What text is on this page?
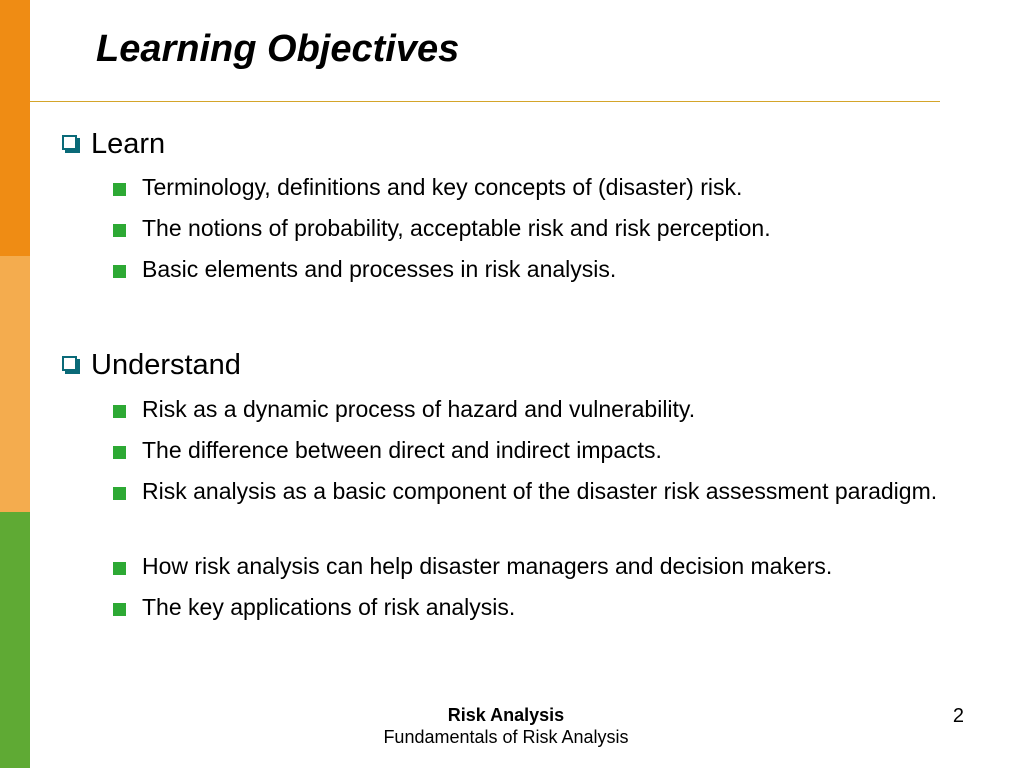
Learning Objectives
Learn
Terminology, definitions and key concepts of (disaster) risk.
The notions of probability, acceptable risk and risk perception.
Basic elements and processes in risk analysis.
Understand
Risk as a dynamic process of hazard and vulnerability.
The difference between direct and indirect impacts.
Risk analysis as a basic component of the disaster risk assessment paradigm.
How risk analysis can help disaster managers and decision makers.
The key applications of risk analysis.
Risk Analysis
Fundamentals of Risk Analysis
2
